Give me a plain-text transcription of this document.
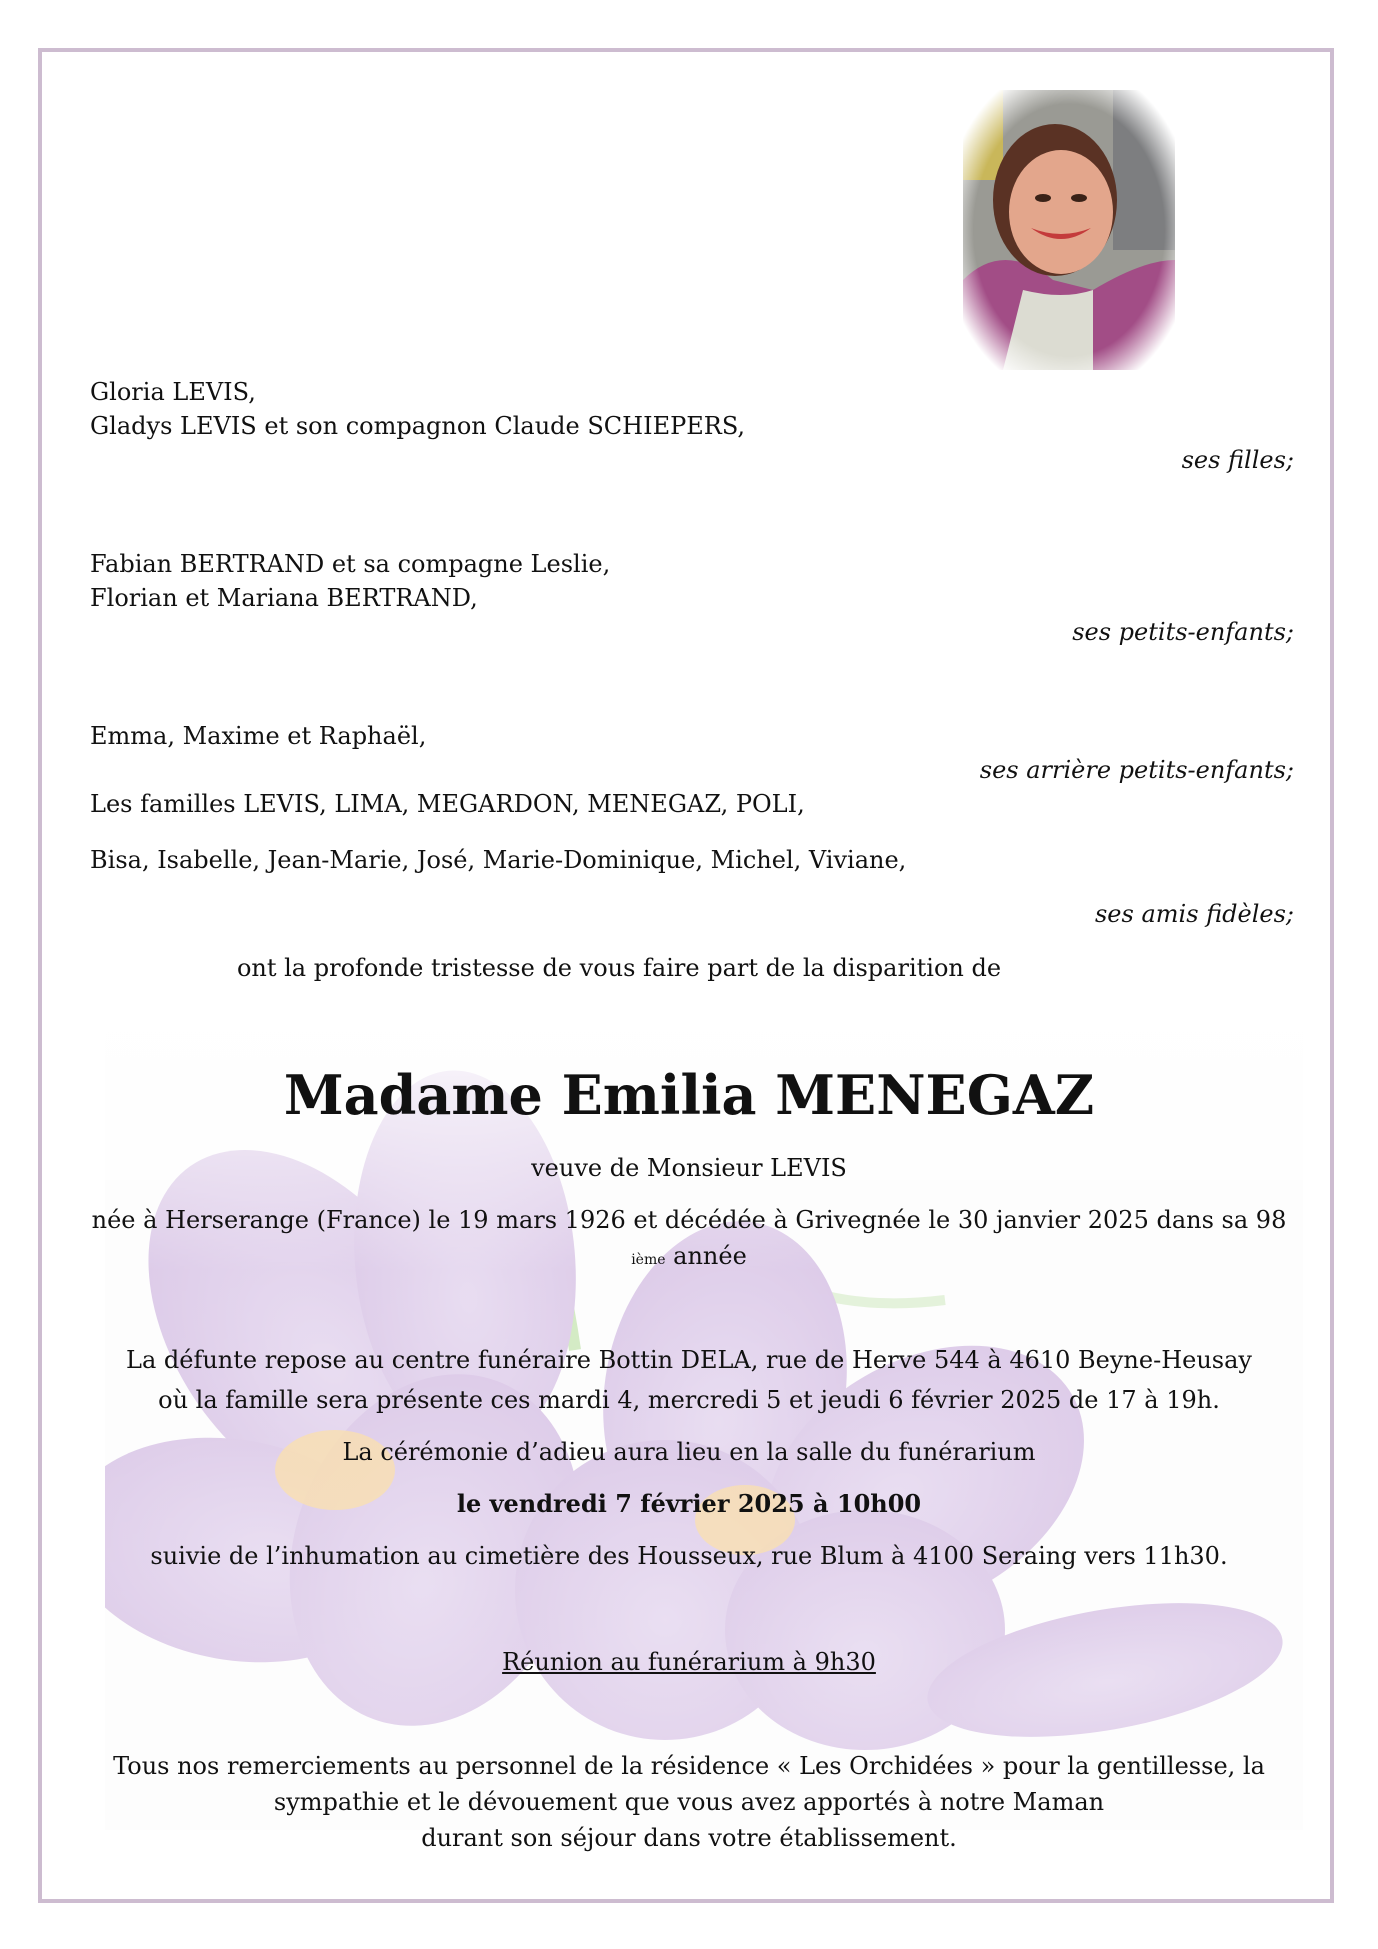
Gloria LEVIS,
Gladys LEVIS et son compagnon Claude SCHIEPERS,
ses filles;
Fabian BERTRAND et sa compagne Leslie,
Florian et Mariana BERTRAND,
ses petits-enfants;
Emma, Maxime et Raphaël,
ses arrière petits-enfants;
Les familles LEVIS, LIMA, MEGARDON, MENEGAZ, POLI,
Bisa, Isabelle, Jean-Marie, José, Marie-Dominique, Michel, Viviane,
ses amis fidèles;
ont la profonde tristesse de vous faire part de la disparition de
Madame Emilia MENEGAZ
veuve de Monsieur LEVIS
née à Herserange (France) le 19 mars 1926 et décédée à Grivegnée le 30 janvier 2025 dans sa 98
ième année
La défunte repose au centre funéraire Bottin DELA, rue de Herve 544 à 4610 Beyne-Heusay
où la famille sera présente ces mardi 4, mercredi 5 et jeudi 6 février 2025 de 17 à 19h.
La cérémonie d’adieu aura lieu en la salle du funérarium
le vendredi 7 février 2025 à 10h00
suivie de l’inhumation au cimetière des Housseux, rue Blum à 4100 Seraing vers 11h30.
Réunion au funérarium à 9h30
Tous nos remerciements au personnel de la résidence « Les Orchidées » pour la gentillesse, la
sympathie et le dévouement que vous avez apportés à notre Maman
durant son séjour dans votre établissement.
